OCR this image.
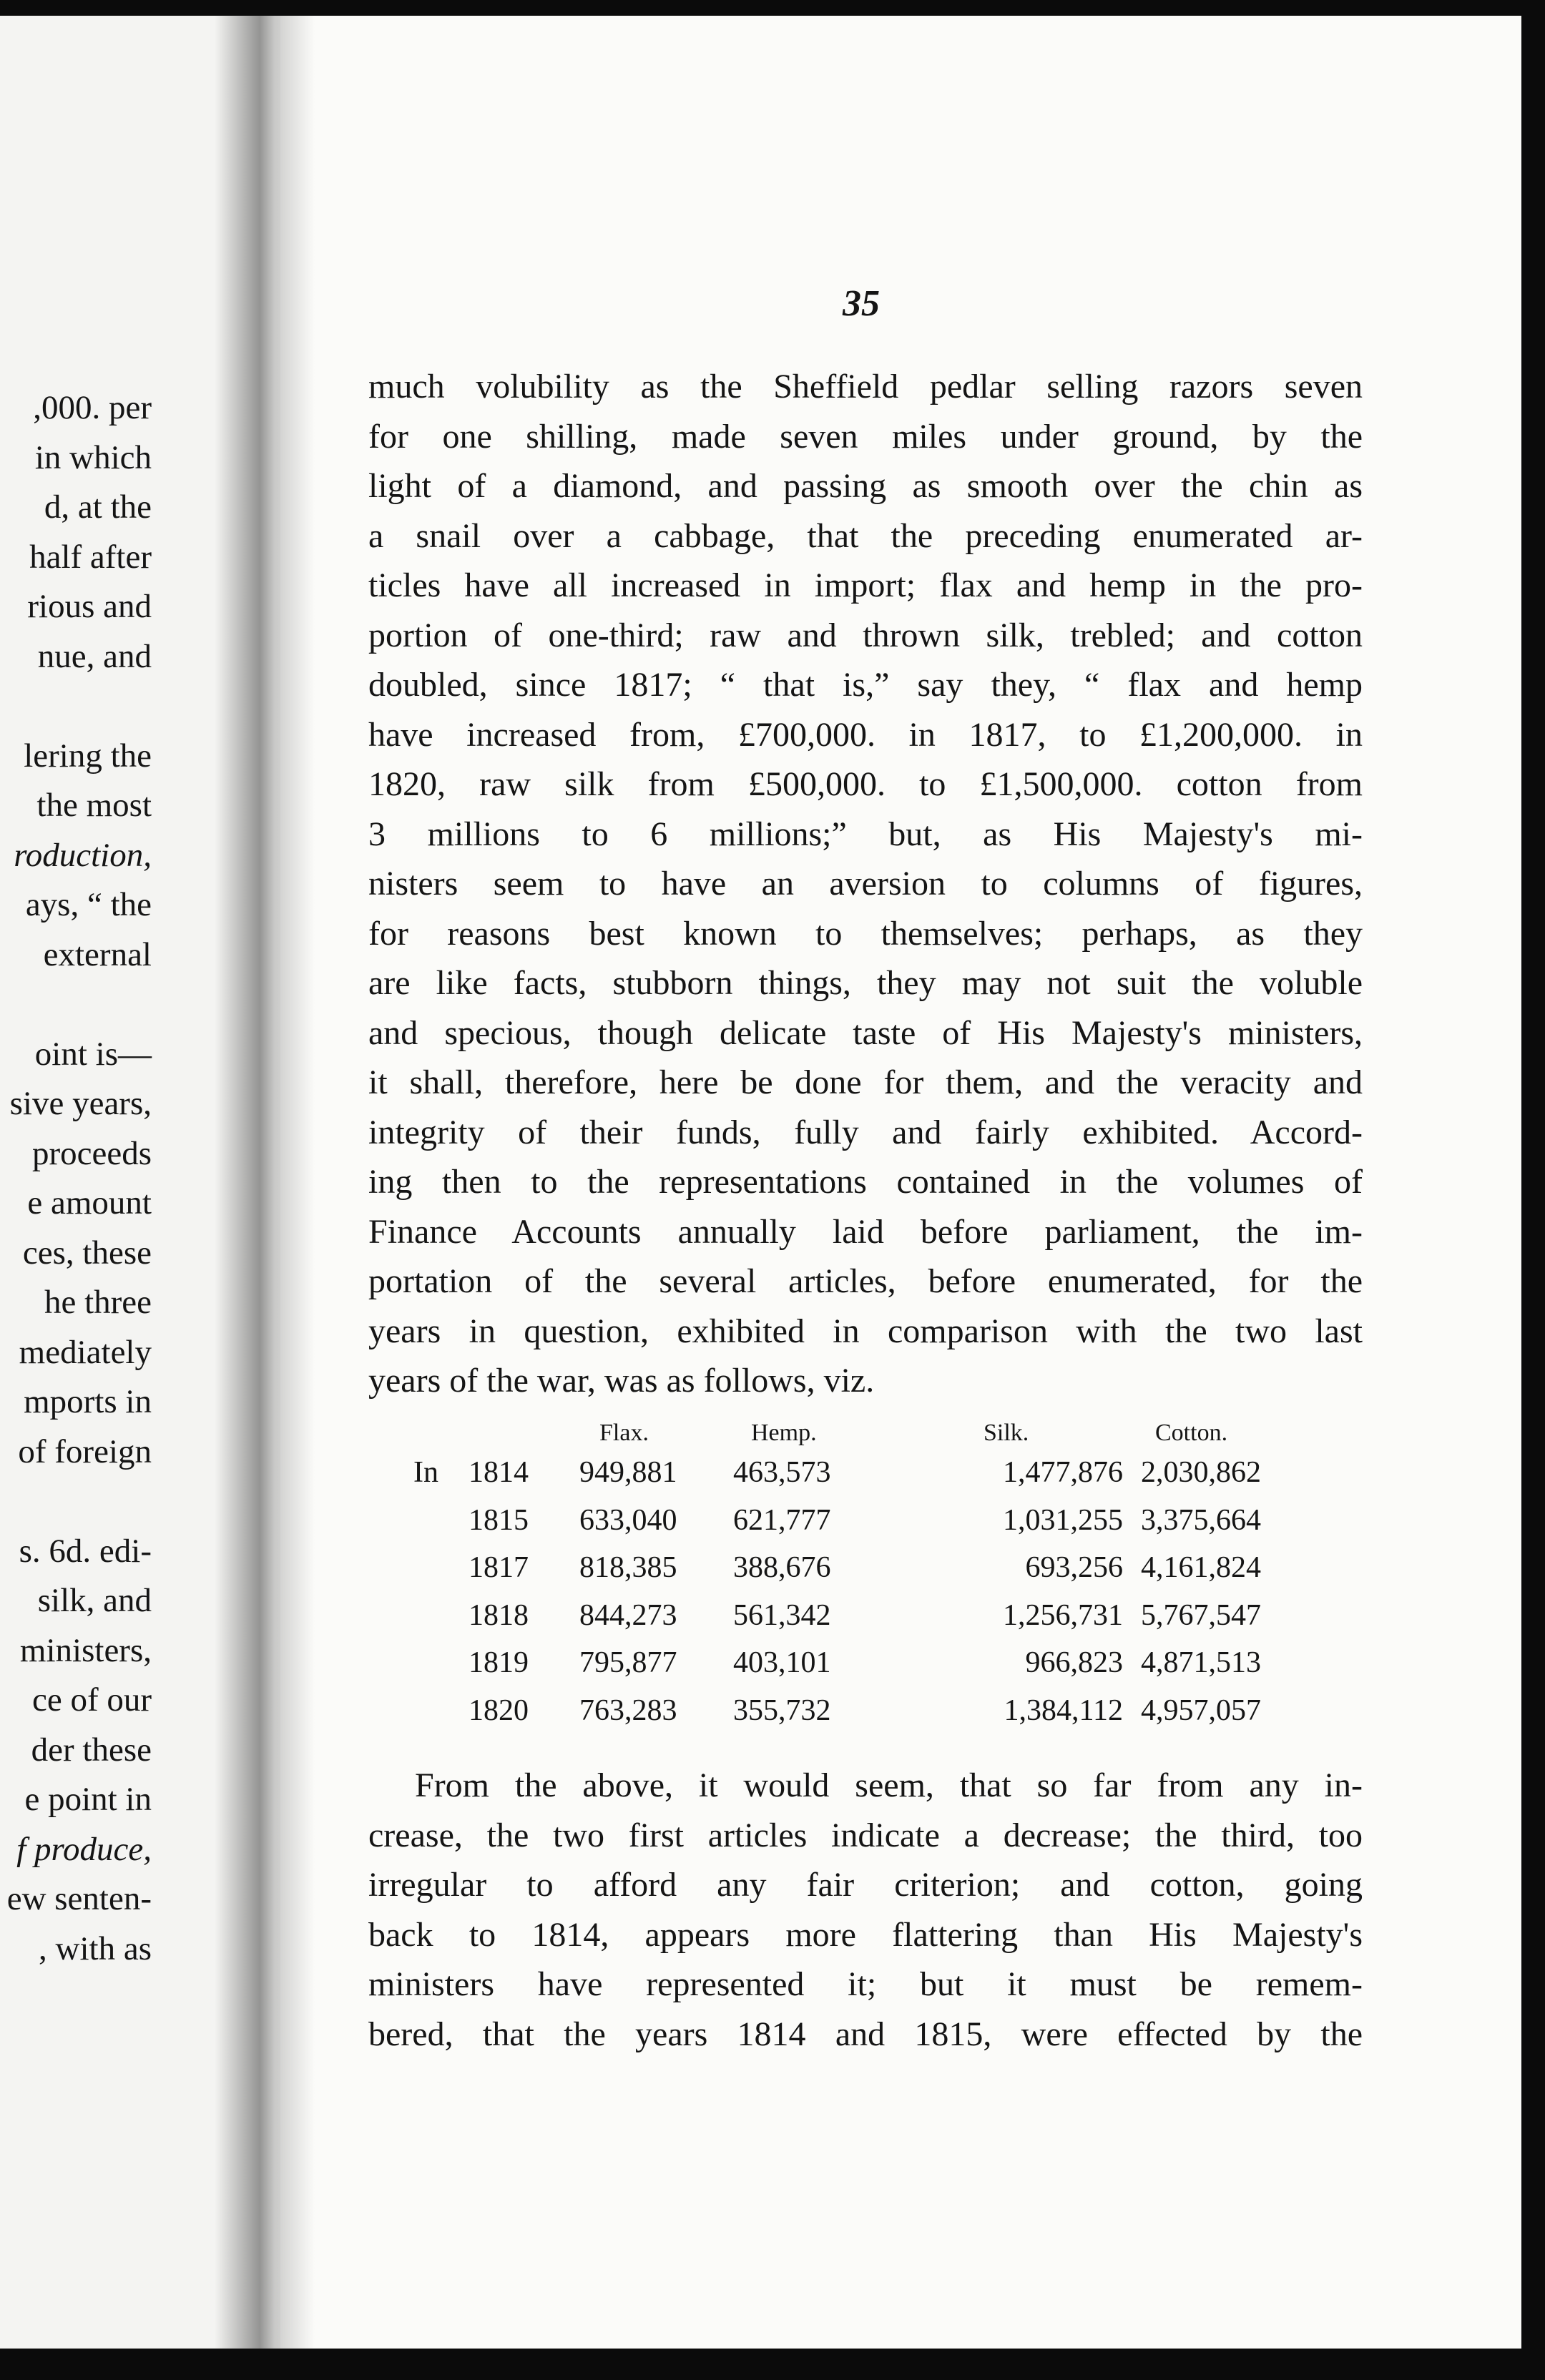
,000. per
in which
d, at the
half after
rious and
nue, and
lering the
the most
roduction,
ays, “ the
external
oint is—
sive years,
proceeds
e amount
ces, these
he three
mediately
mports in
of foreign
s. 6d. edi-
silk, and
ministers,
ce of our
der these
e point in
f produce,
ew senten-
, with as
35
much volubility as the Sheffield pedlar selling razors seven
for one shilling, made seven miles under ground, by the
light of a diamond, and passing as smooth over the chin as
a snail over a cabbage, that the preceding enumerated ar-
ticles have all increased in import; flax and hemp in the pro-
portion of one-third; raw and thrown silk, trebled; and cotton
doubled, since 1817; “ that is,” say they, “ flax and hemp
have increased from, £700,000. in 1817, to £1,200,000. in
1820, raw silk from £500,000. to £1,500,000. cotton from
3 millions to 6 millions;” but, as His Majesty's mi-
nisters seem to have an aversion to columns of figures,
for reasons best known to themselves; perhaps, as they
are like facts, stubborn things, they may not suit the voluble
and specious, though delicate taste of His Majesty's ministers,
it shall, therefore, here be done for them, and the veracity and
integrity of their funds, fully and fairly exhibited. Accord-
ing then to the representations contained in the volumes of
Finance Accounts annually laid before parliament, the im-
portation of the several articles, before enumerated, for the
years in question, exhibited in comparison with the two last
years of the war, was as follows, viz.
Flax.	Hemp.	Silk.	Cotton.
In 1814 949,881 463,573	1,477,876 2,030,862
1815 633,040 621,777	1,031,255 3,375,664
1817 818,385 388,676	693,256 4,161,824
1818 844,273 561,342	1,256,731 5,767,547
1819 795,877 403,101	966,823 4,871,513
1820 763,283 355,732	1,384,112 4,957,057
From the above, it would seem, that so far from any in-
crease, the two first articles indicate a decrease; the third, too
irregular to afford any fair criterion; and cotton, going
back to 1814, appears more flattering than His Majesty's
ministers have represented it; but it must be remem-
bered, that the years 1814 and 1815, were effected by the
